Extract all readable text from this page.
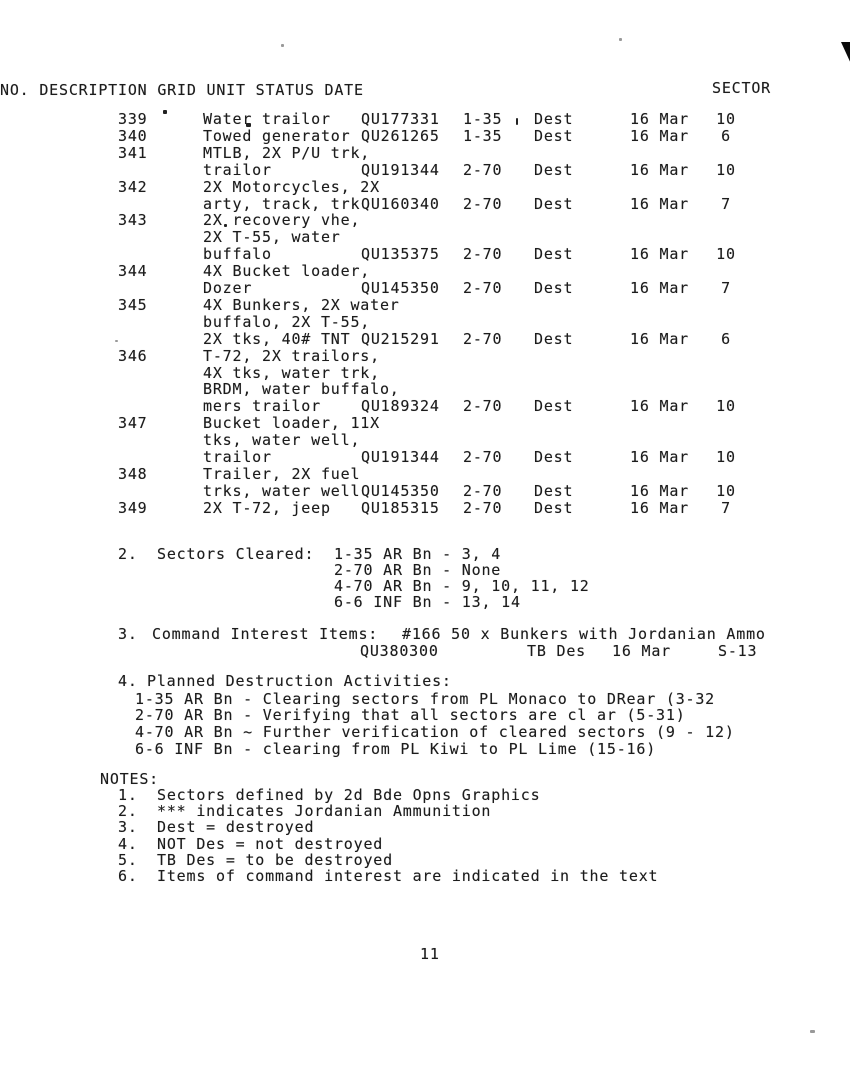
NO. DESCRIPTION GRID UNIT STATUS DATE	SECTOR
339	Water trailor QU177331 1-35 Dest	16 Mar	10
340	Towed generator QU261265 1-35 Dest	16 Mar	6
341	MTLB, 2X P/U trk,
trailor	QU191344 2-70 Dest	16 Mar	10
342	2X Motorcycles, 2X
arty, track, trk QU160340 2-70 Dest	16 Mar	7
343	2X recovery vhe,
2X T-55, water
buffalo	QU135375 2-70 Dest	16 Mar	10
344	4X Bucket loader,
Dozer	QU145350 2-70 Dest	16 Mar	7
345	4X Bunkers, 2X water
buffalo, 2X T-55,
2X tks, 40# TNT QU215291 2-70 Dest	16 Mar	6
346	T-72, 2X trailors,
4X tks, water trk,
BRDM, water buffalo,
mers trailor	QU189324 2-70 Dest	16 Mar	10
347	Bucket loader, 11X
tks, water well,
trailor	QU191344 2-70 Dest	16 Mar	10
348	Trailer, 2X fuel
trks, water well QU145350 2-70 Dest	16 Mar	10
349	2X T-72, jeep QU185315 2-70 Dest	16 Mar	7
2. Sectors Cleared: 1-35 AR Bn - 3, 4
2-70 AR Bn - None
4-70 AR Bn - 9, 10, 11, 12
6-6 INF Bn - 13, 14
3. Command Interest Items: #166 50 x Bunkers with Jordanian Ammo
QU380300	TB Des 16 Mar	S-13
4. Planned Destruction Activities:
1-35 AR Bn - Clearing sectors from PL Monaco to DRear (3-32
2-70 AR Bn - Verifying that all sectors are cl ar (5-31)
4-70 AR Bn ~ Further verification of cleared sectors (9 - 12)
6-6 INF Bn - clearing from PL Kiwi to PL Lime (15-16)
NOTES:
1. Sectors defined by 2d Bde Opns Graphics
2. *** indicates Jordanian Ammunition
3. Dest = destroyed
4. NOT Des = not destroyed
5. TB Des = to be destroyed
6. Items of command interest are indicated in the text
11
